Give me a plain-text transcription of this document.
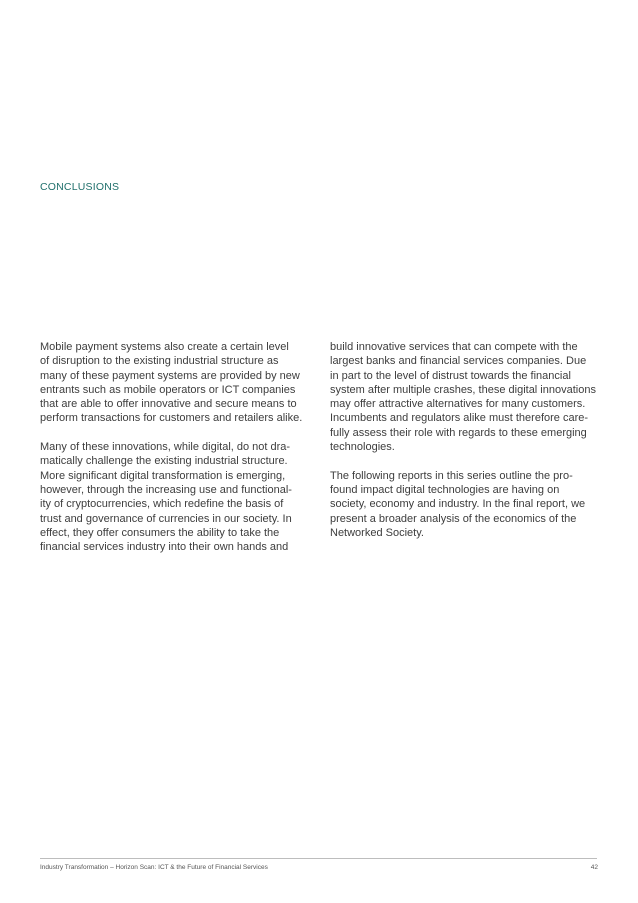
CONCLUSIONS

Mobile payment systems also create a certain level
of disruption to the existing industrial structure as
many of these payment systems are provided by new
entrants such as mobile operators or ICT companies
that are able to offer innovative and secure means to
perform transactions for customers and retailers alike.

Many of these innovations, while digital, do not dra-
matically challenge the existing industrial structure.
More significant digital transformation is emerging,
however, through the increasing use and functional-
ity of cryptocurrencies, which redefine the basis of
trust and governance of currencies in our society. In
effect, they offer consumers the ability to take the
financial services industry into their own hands and

build innovative services that can compete with the
largest banks and financial services companies. Due
in part to the level of distrust towards the financial
system after multiple crashes, these digital innovations
may offer attractive alternatives for many customers.
Incumbents and regulators alike must therefore care-
fully assess their role with regards to these emerging
technologies.

The following reports in this series outline the pro-
found impact digital technologies are having on
society, economy and industry. In the final report, we
present a broader analysis of the economics of the
Networked Society.

Industry Transformation – Horizon Scan: ICT & the Future of Financial Services	42
